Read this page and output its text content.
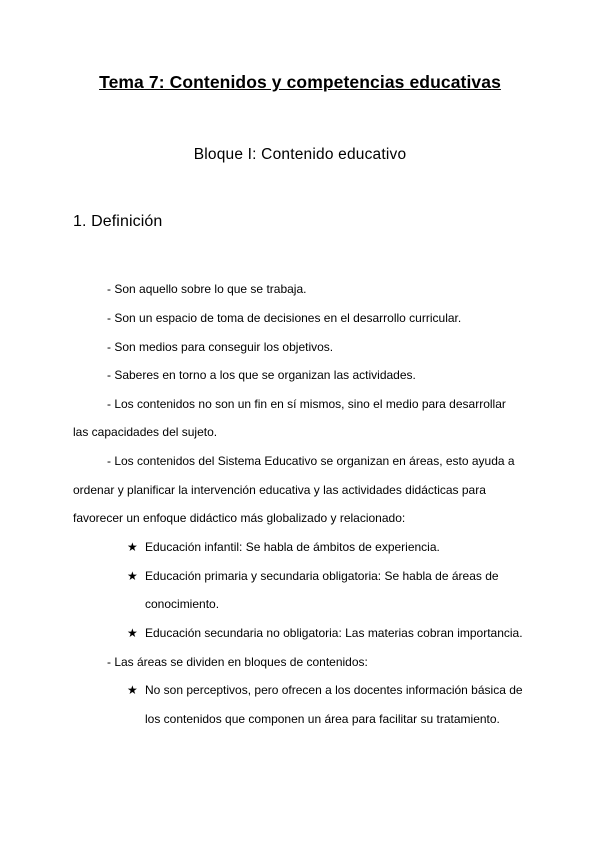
Tema 7: Contenidos y competencias educativas
Bloque I: Contenido educativo
1. Definición
- Son aquello sobre lo que se trabaja.
- Son un espacio de toma de decisiones en el desarrollo curricular.
- Son medios para conseguir los objetivos.
- Saberes en torno a los que se organizan las actividades.
- Los contenidos no son un fin en sí mismos, sino el medio para desarrollar
las capacidades del sujeto.
- Los contenidos del Sistema Educativo se organizan en áreas, esto ayuda a
ordenar y planificar la intervención educativa y las actividades didácticas para
favorecer un enfoque didáctico más globalizado y relacionado:
★ Educación infantil: Se habla de ámbitos de experiencia.
★ Educación primaria y secundaria obligatoria: Se habla de áreas de
conocimiento.
★ Educación secundaria no obligatoria: Las materias cobran importancia.
- Las áreas se dividen en bloques de contenidos:
★ No son perceptivos, pero ofrecen a los docentes información básica de
los contenidos que componen un área para facilitar su tratamiento.
